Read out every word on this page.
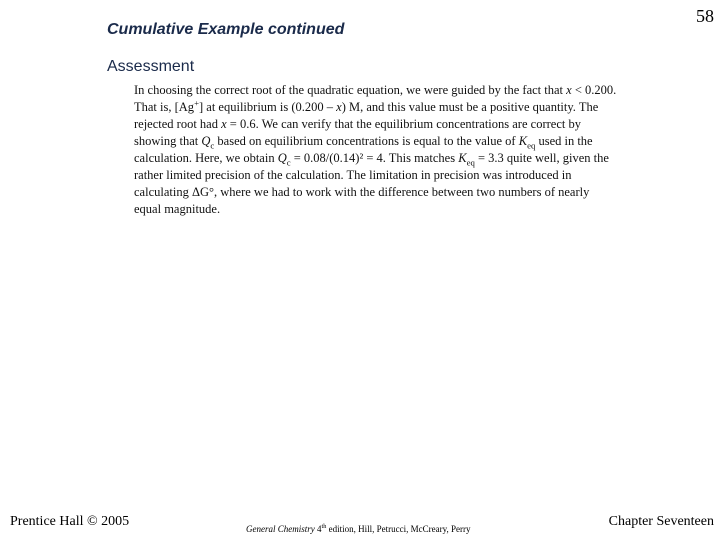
58
Cumulative Example continued
Assessment

In choosing the correct root of the quadratic equation, we were guided by the fact that x < 0.200. That is, [Ag+] at equilibrium is (0.200 – x) M, and this value must be a positive quantity. The rejected root had x = 0.6. We can verify that the equilibrium concentrations are correct by showing that $Q_c$ based on equilibrium concentrations is equal to the value of $K_{eq}$ used in the calculation. Here, we obtain $Q_c = 0.08/(0.14)^2 = 4$. This matches $K_{eq} = 3.3$ quite well, given the rather limited precision of the calculation. The limitation in precision was introduced in calculating ΔG°, where we had to work with the difference between two numbers of nearly equal magnitude.

Prentice Hall © 2005	General Chemistry 4th edition, Hill, Petrucci, McCreary, Perry	Chapter Seventeen
